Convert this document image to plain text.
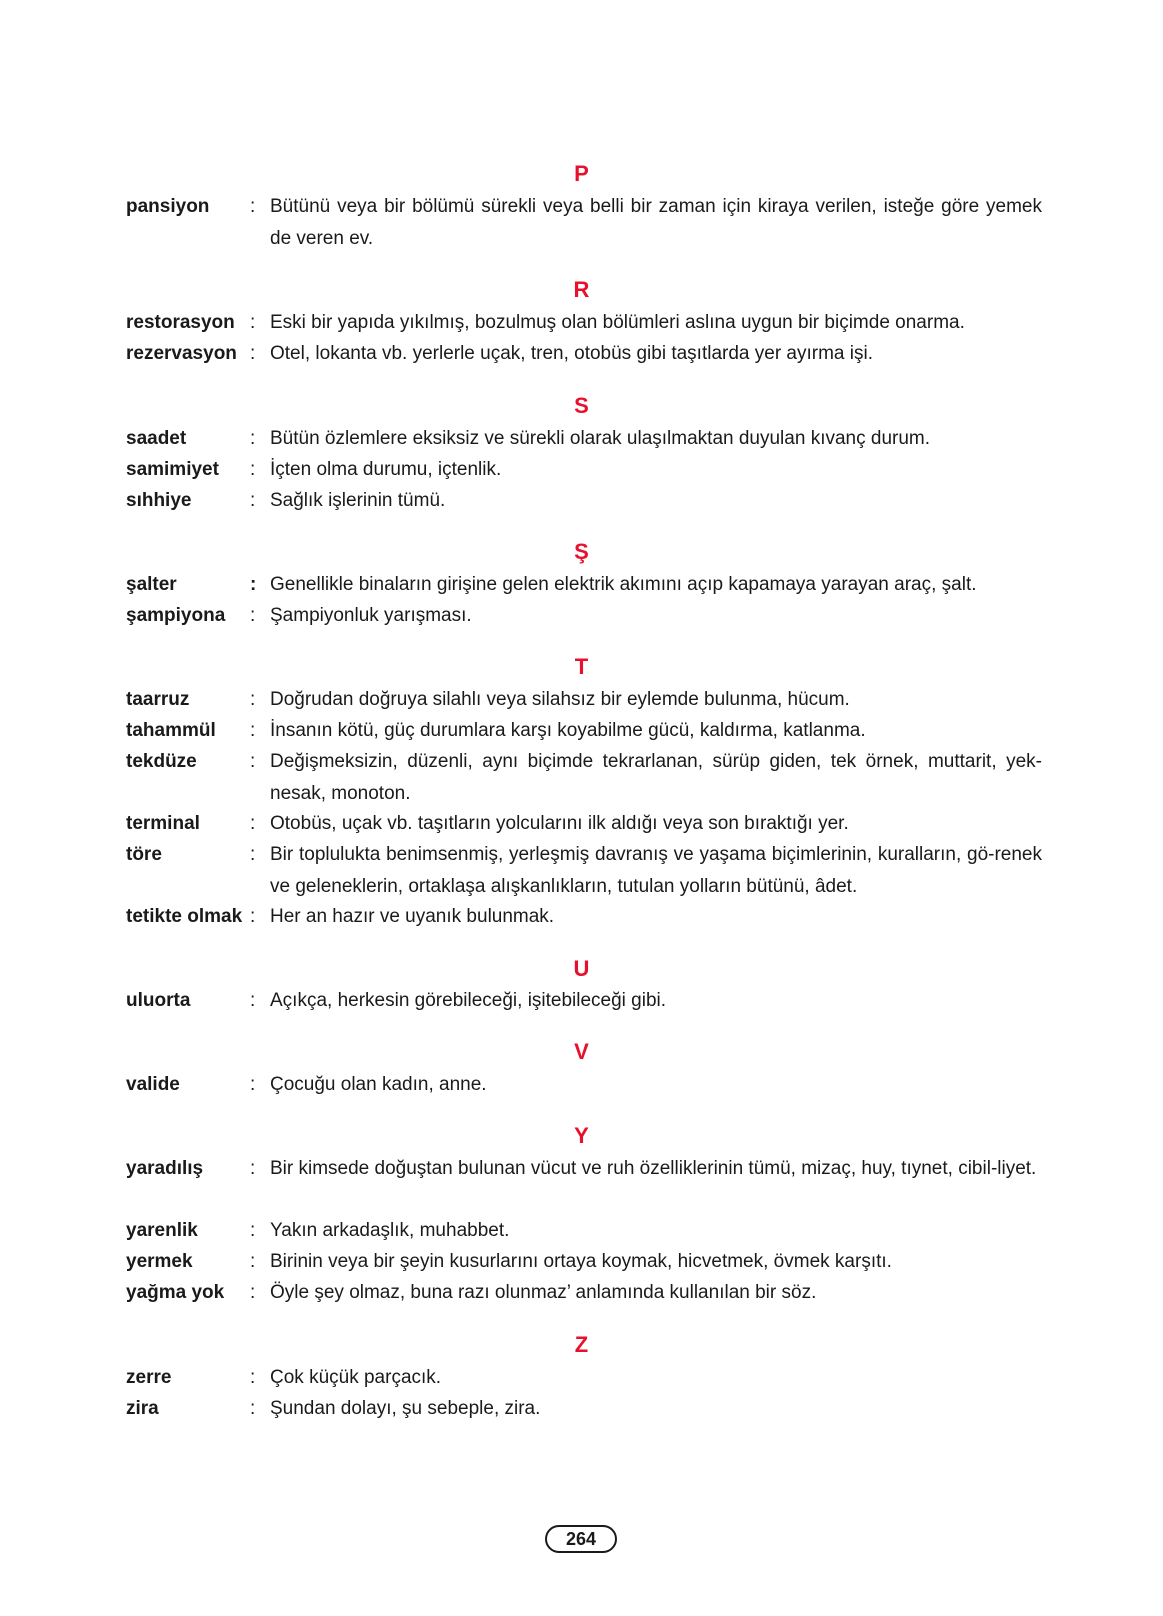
P
pansiyon : Bütünü veya bir bölümü sürekli veya belli bir zaman için kiraya verilen, isteğe göre yemek de veren ev.
R
restorasyon : Eski bir yapıda yıkılmış, bozulmuş olan bölümleri aslına uygun bir biçimde onarma.
rezervasyon : Otel, lokanta vb. yerlerle uçak, tren, otobüs gibi taşıtlarda yer ayırma işi.
S
saadet	: Bütün özlemlere eksiksiz ve sürekli olarak ulaşılmaktan duyulan kıvanç durum.
samimiyet : İçten olma durumu, içtenlik.
sıhhiye	: Sağlık işlerinin tümü.
Ş
şalter	: Genellikle binaların girişine gelen elektrik akımını açıp kapamaya yarayan araç, şalt.
şampiyona : Şampiyonluk yarışması.
T
taarruz	: Doğrudan doğruya silahlı veya silahsız bir eylemde bulunma, hücum.
tahammül : İnsanın kötü, güç durumlara karşı koyabilme gücü, kaldırma, katlanma.
tekdüze	: Değişmeksizin, düzenli, aynı biçimde tekrarlanan, sürüp giden, tek örnek, muttarit, yek-nesak, monoton.
terminal	: Otobüs, uçak vb. taşıtların yolcularını ilk aldığı veya son bıraktığı yer.
töre	: Bir toplulukta benimsenmiş, yerleşmiş davranış ve yaşama biçimlerinin, kuralların, gö-renek ve geleneklerin, ortaklaşa alışkanlıkların, tutulan yolların bütünü, âdet.
tetikte olmak : Her an hazır ve uyanık bulunmak.
U
uluorta	: Açıkça, herkesin görebileceği, işitebileceği gibi.
V
valide	: Çocuğu olan kadın, anne.
Y
yaradılış : Bir kimsede doğuştan bulunan vücut ve ruh özelliklerinin tümü, mizaç, huy, tıynet, cibil-liyet.
yarenlik	: Yakın arkadaşlık, muhabbet.
yermek	: Birinin veya bir şeyin kusurlarını ortaya koymak, hicvetmek, övmek karşıtı.
yağma yok : Öyle şey olmaz, buna razı olunmaz’ anlamında kullanılan bir söz.
Z
zerre	: Çok küçük parçacık.
zira	: Şundan dolayı, şu sebeple, zira.
264
